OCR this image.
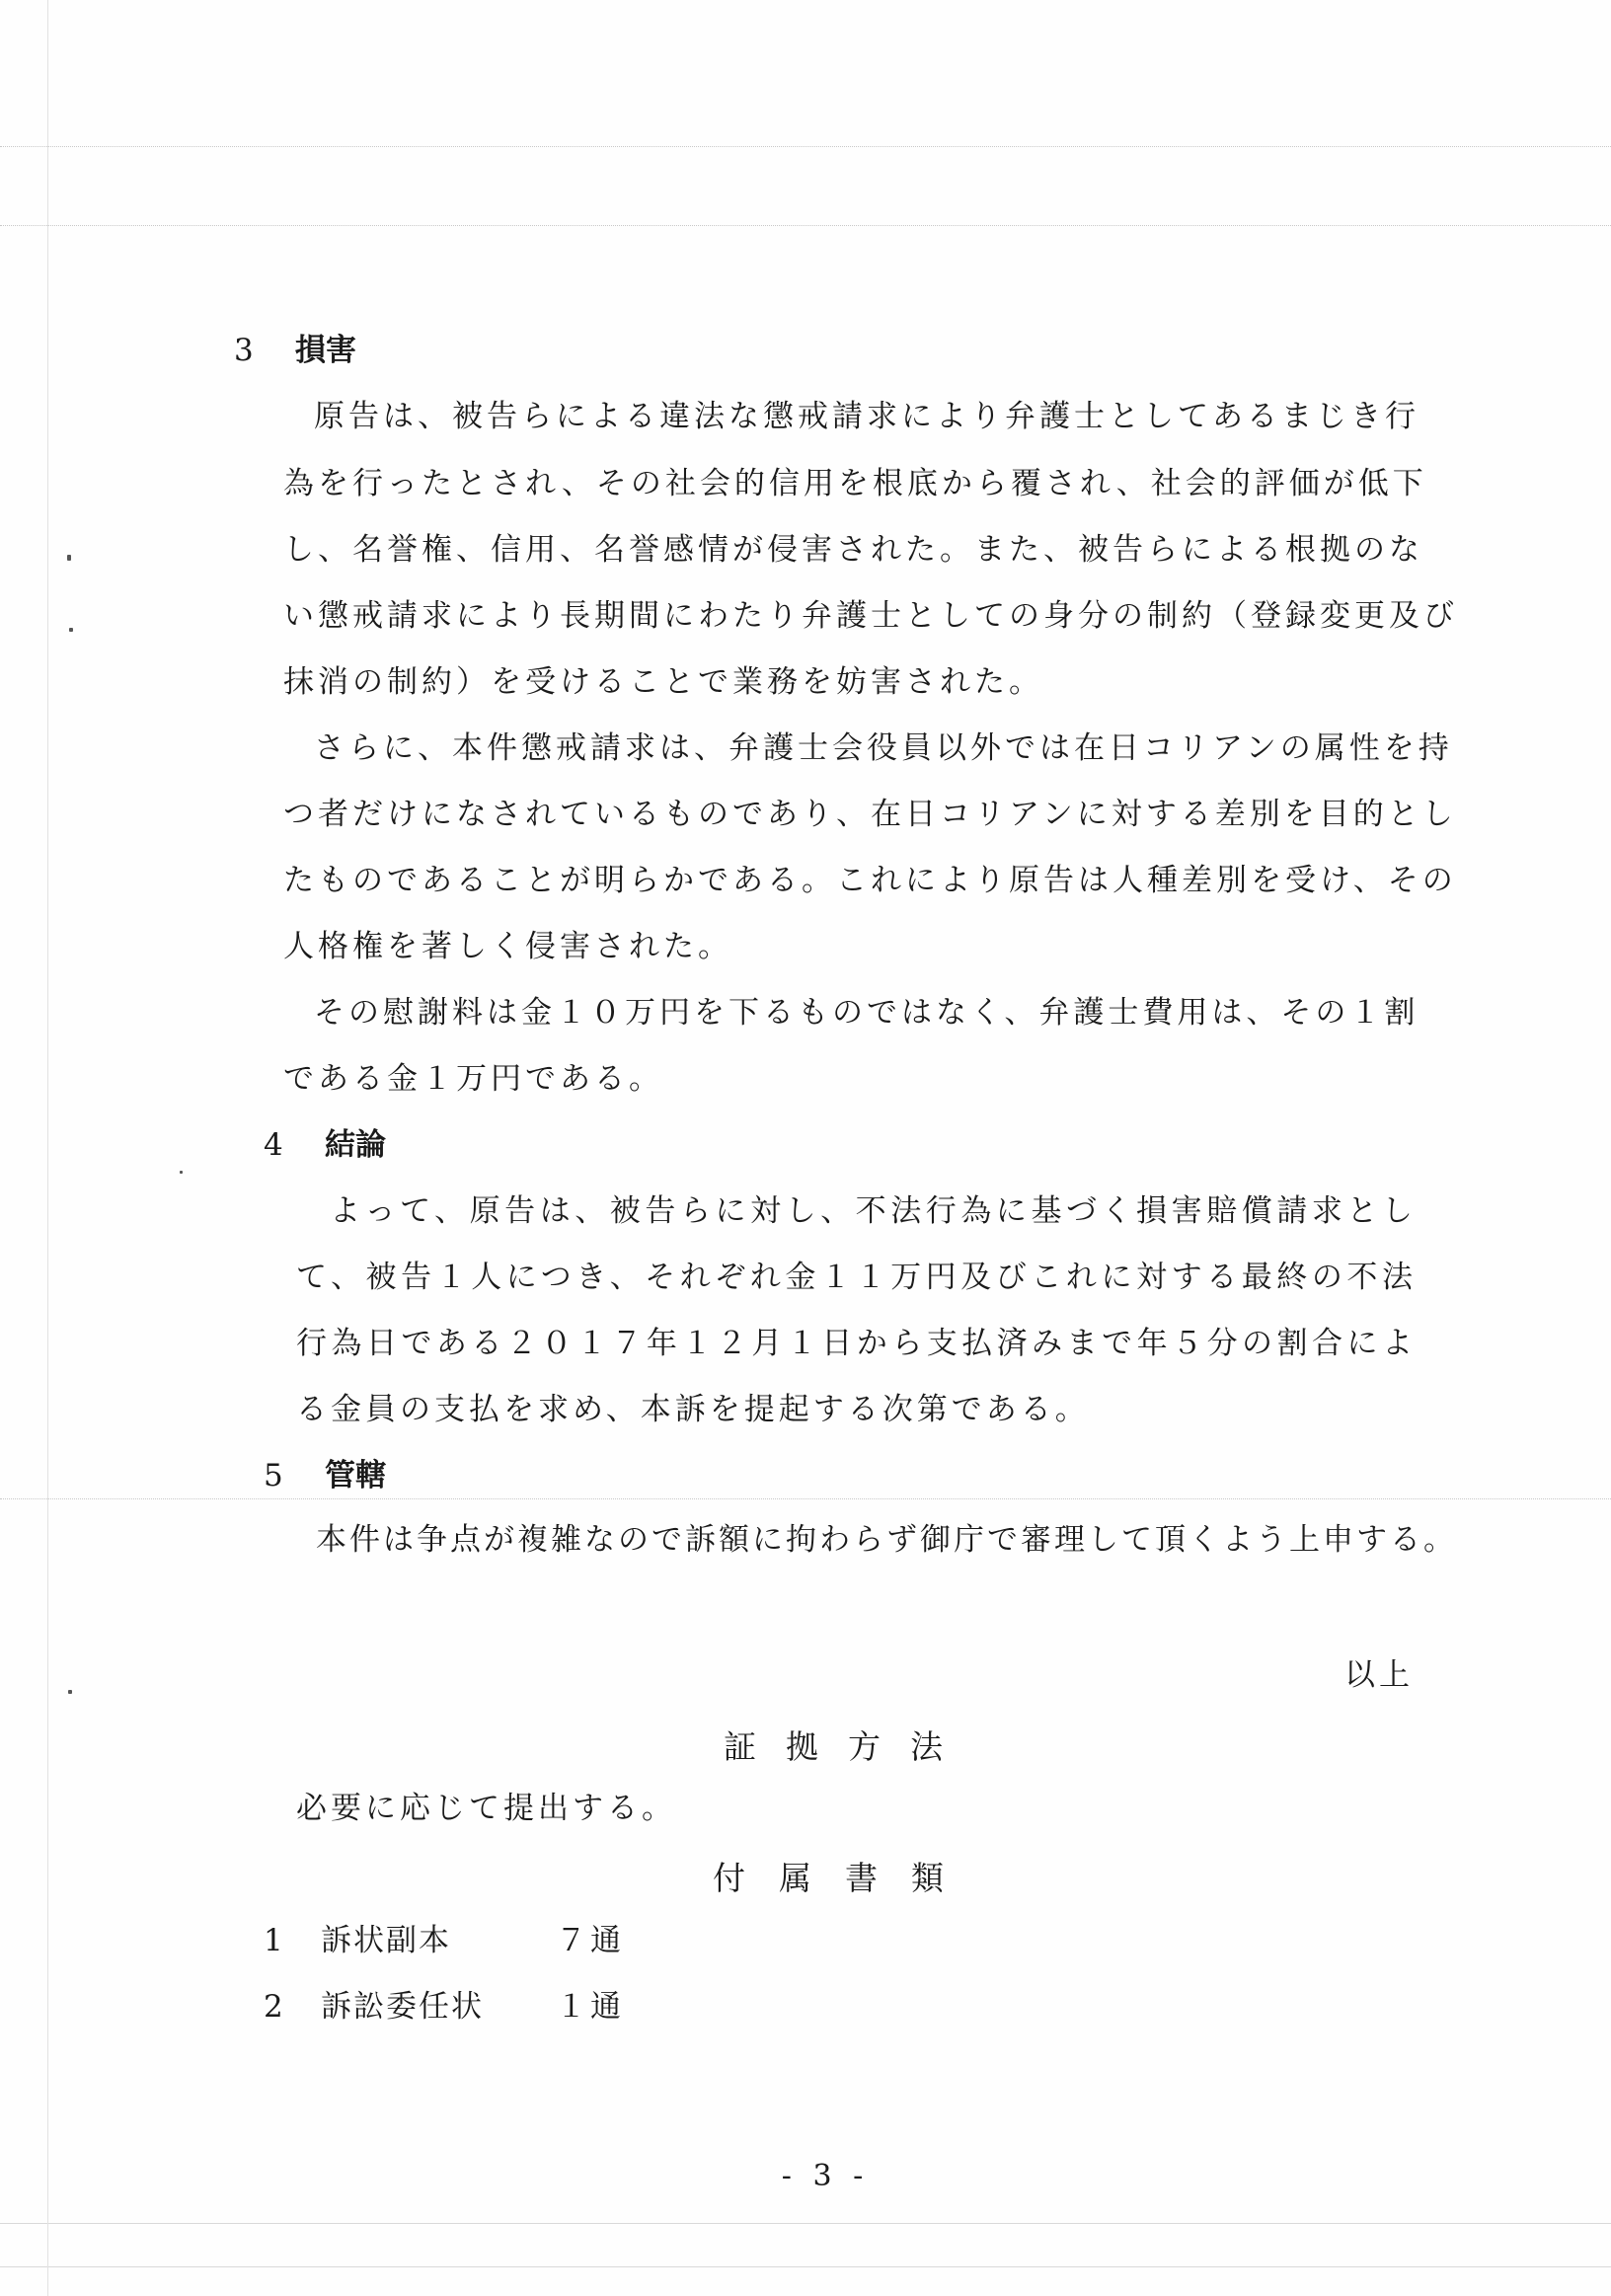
3 損害
原告は、被告らによる違法な懲戒請求により弁護士としてあるまじき行
為を行ったとされ、その社会的信用を根底から覆され、社会的評価が低下
し、名誉権、信用、名誉感情が侵害された。また、被告らによる根拠のな
い懲戒請求により長期間にわたり弁護士としての身分の制約（登録変更及び
抹消の制約）を受けることで業務を妨害された。
さらに、本件懲戒請求は、弁護士会役員以外では在日コリアンの属性を持
つ者だけになされているものであり、在日コリアンに対する差別を目的とし
たものであることが明らかである。これにより原告は人種差別を受け、その
人格権を著しく侵害された。
その慰謝料は金１０万円を下るものではなく、弁護士費用は、その１割
である金１万円である。
4 結論
よって、原告は、被告らに対し、不法行為に基づく損害賠償請求とし
て、被告１人につき、それぞれ金１１万円及びこれに対する最終の不法
行為日である２０１７年１２月１日から支払済みまで年５分の割合によ
る金員の支払を求め、本訴を提起する次第である。
5 管轄
本件は争点が複雑なので訴額に拘わらず御庁で審理して頂くよう上申する。
以上
証拠方法
必要に応じて提出する。
付属書類
1 訴状副本	７通
2 訴訟委任状 １通
- 3 -
